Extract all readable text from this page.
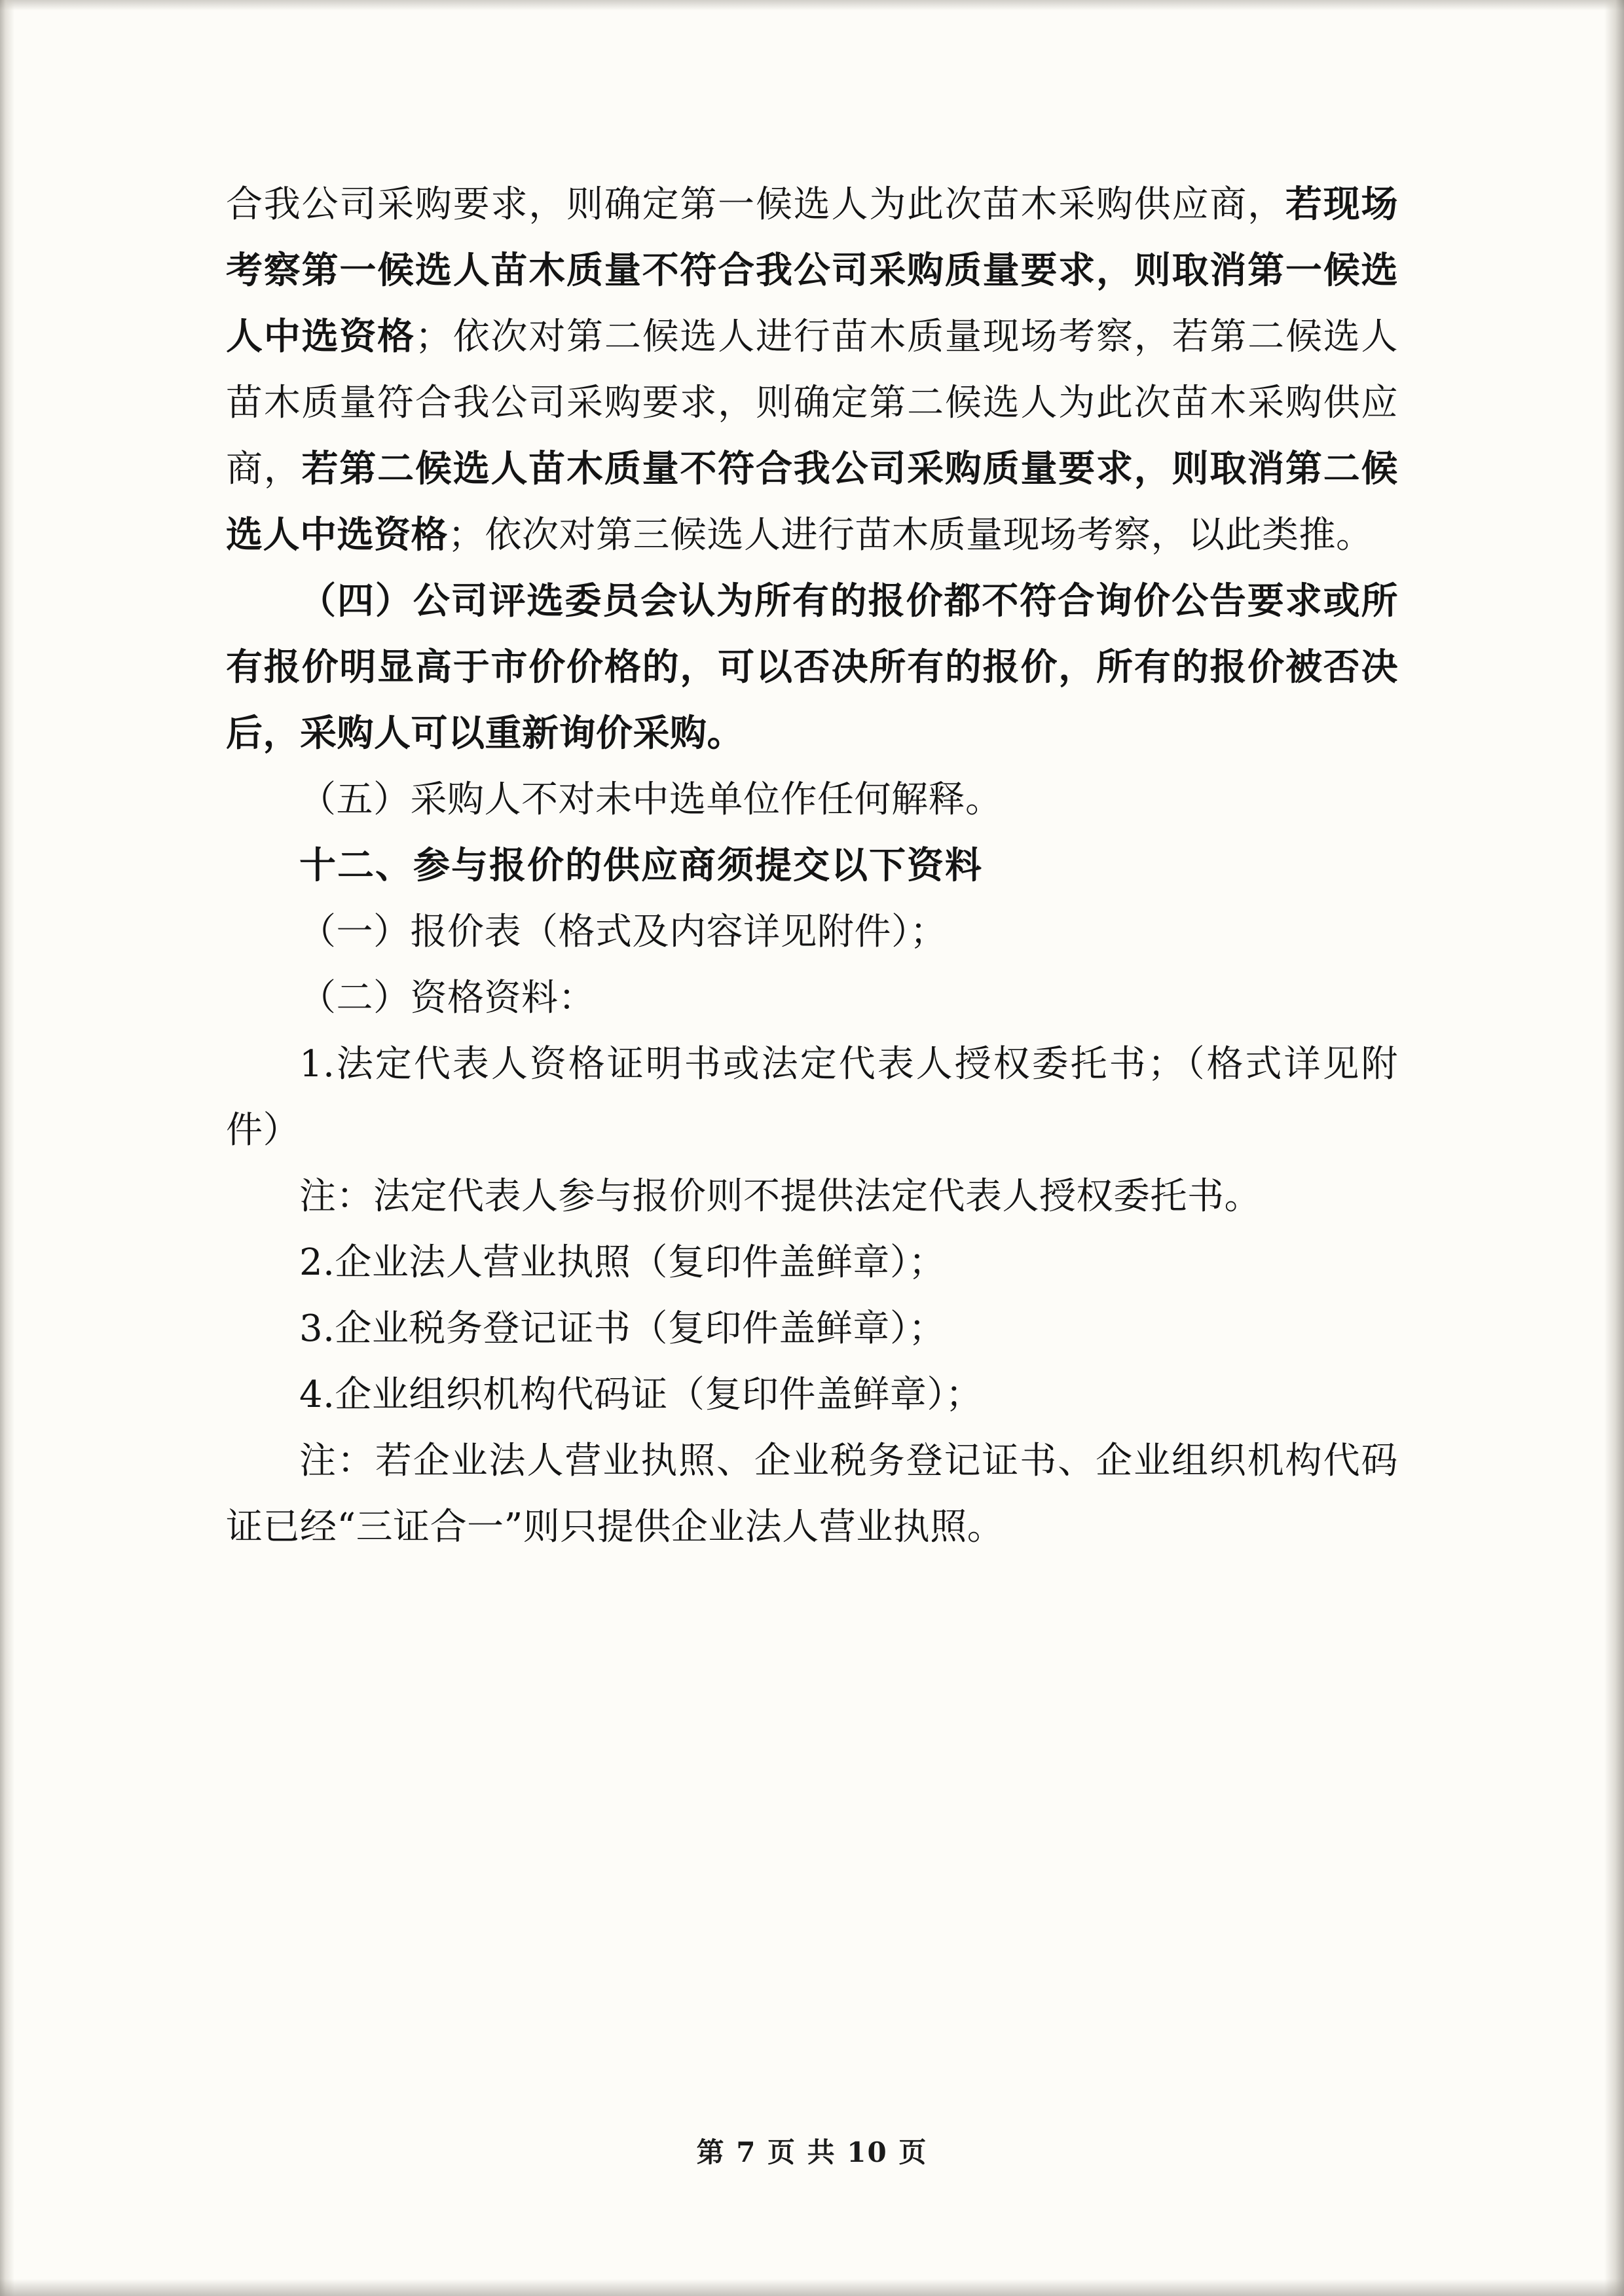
合我公司采购要求，则确定第一候选人为此次苗木采购供应商，若现场考察第一候选人苗木质量不符合我公司采购质量要求，则取消第一候选人中选资格；依次对第二候选人进行苗木质量现场考察，若第二候选人苗木质量符合我公司采购要求，则确定第二候选人为此次苗木采购供应商，若第二候选人苗木质量不符合我公司采购质量要求，则取消第二候选人中选资格；依次对第三候选人进行苗木质量现场考察，以此类推。

（四）公司评选委员会认为所有的报价都不符合询价公告要求或所有报价明显高于市价价格的，可以否决所有的报价，所有的报价被否决后，采购人可以重新询价采购。

（五）采购人不对未中选单位作任何解释。

十二、参与报价的供应商须提交以下资料

（一）报价表（格式及内容详见附件）；

（二）资格资料：

1.法定代表人资格证明书或法定代表人授权委托书；（格式详见附件）

注：法定代表人参与报价则不提供法定代表人授权委托书。

2.企业法人营业执照（复印件盖鲜章）；

3.企业税务登记证书（复印件盖鲜章）；

4.企业组织机构代码证（复印件盖鲜章）；

注：若企业法人营业执照、企业税务登记证书、企业组织机构代码证已经“三证合一”则只提供企业法人营业执照。

第 7 页 共 10 页
